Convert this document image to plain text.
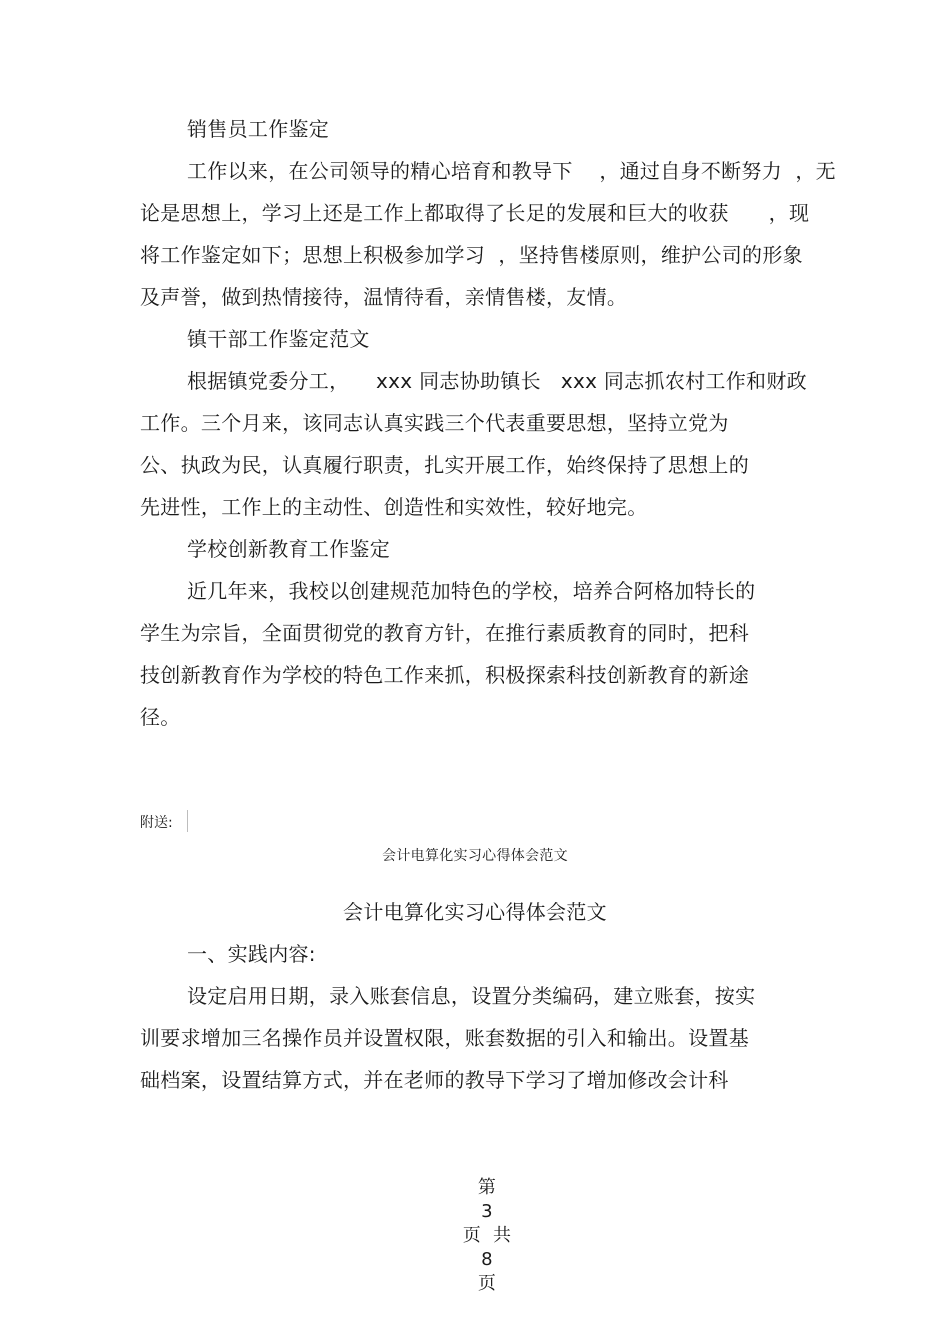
销售员工作鉴定
工作以来，在公司领导的精心培育和教导下    ，通过自身不断努力  ，无
论是思想上，学习上还是工作上都取得了长足的发展和巨大的收获      ，现
将工作鉴定如下；思想上积极参加学习  ，坚持售楼原则，维护公司的形象
及声誉，做到热情接待，温情待看，亲情售楼，友情。
镇干部工作鉴定范文
根据镇党委分工，    xxx 同志协助镇长   xxx 同志抓农村工作和财政
工作。三个月来，该同志认真实践三个代表重要思想，坚持立党为
公、执政为民，认真履行职责，扎实开展工作，始终保持了思想上的
先进性，工作上的主动性、创造性和实效性，较好地完。
学校创新教育工作鉴定
近几年来，我校以创建规范加特色的学校，培养合阿格加特长的
学生为宗旨，全面贯彻党的教育方针，在推行素质教育的同时，把科
技创新教育作为学校的特色工作来抓，积极探索科技创新教育的新途
径。
附送:
会计电算化实习心得体会范文
会计电算化实习心得体会范文
一、实践内容:
设定启用日期，录入账套信息，设置分类编码，建立账套，按实
训要求增加三名操作员并设置权限，账套数据的引入和输出。设置基
础档案，设置结算方式，并在老师的教导下学习了增加修改会计科

第
3
页  共
8
页
